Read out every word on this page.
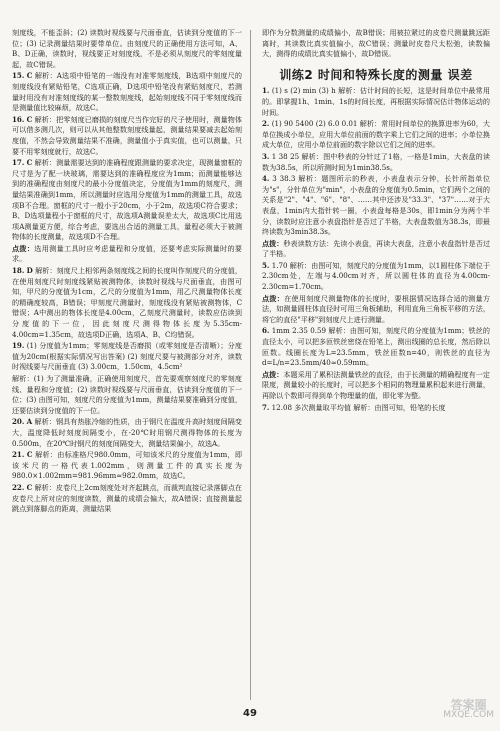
刻度线，不能歪斜；(2) 读数时视线要与尺面垂直，估读到分度值的下一位；(3) 记录测量结果时要带单位。由刻度尺的正确使用方法可知，A、B、D正确，读数时，视线要正对刻度线，不是必须从刻度尺的零刻度量起，故C错误。

15. C 解析：A选项中铅笔的一端没有对准零刻度线，B选项中刻度尺的刻度线没有紧贴铅笔，C选项正确，D选项中铅笔没有紧贴刻度尺，若测量时用没有对准刻度线的某一整数刻度线，起始刻度线不同于零刻度线而是测量值比较麻烦，故选C。

16. C 解析：把零刻度已磨损的刻度尺当作完好的尺子使用时，测量物体可以借多测几次，则可以从其他整数刻度线量起，测量结果要减去起始刻度值，不然会导致测量结果不准确，测量值小于真实值，也可以测量，只要不用零刻度就行，故选C。

17. C 解析：测量需要达到的准确程度跟测量的要求决定，现测量窗框的尺寸是为了配一块玻璃，需要达到的准确程度应为1mm；而测量能够达到的准确程度由刻度尺的最小分度值决定，分度值为1mm的刻度尺，测量结果准确到1mm，所以测量时应选用分度值为1mm的测量工具，故选项B不合理。窗框的尺寸一般小于20cm，小于2m，故选项C符合要求；B、D选项量程小于窗框的尺寸，故选项A测量误差太大，故选项C比用选项A测量更方便，综合考虑，要选出合适的测量工具，量程必须大于被测物体的长度测量，故选项D不合理。

点拨：选用测量工具时应考虑量程和分度值，还要考虑实际测量时的要求。

18. D 解析：刻度尺上相邻两条刻度线之间的长度叫作刻度尺的分度值，在使用刻度尺时刻度线紧贴被测物体，读数时视线与尺面垂直，由图可知，甲尺的分度值为1cm，乙尺的分度值为1mm，用乙尺测量物体长度的精确度较高，B错误；甲刻度尺测量时，刻度线没有紧贴被测物体，C错误；A中测出的物体长度是4.00cm，乙刻度尺测量时，读数应估读到分度值的下一位，因此刻度尺测得物体长度为5.35cm-4.00cm=1.35cm，故选项D正确，选项A、B、C均错误。

19. (1) 分度值为1mm；零刻度线是否磨损（或零刻度是否清晰）；分度值为20cm(根据实际情况写出答案) (2) 刻度尺要与被测部分对齐，读数时视线要与尺面垂直 (3) 3.00cm，1.50cm，4.5cm²

解析：(1) 为了测量准确，正确使用刻度尺，首先要观察刻度尺的零刻度线、量程和分度值；(2) 读数时视线要与尺面垂直，估读到分度值的下一位；(3) 由图可知，刻度尺的分度值为1mm，测量结果要准确到分度值，还要估读到分度值的下一位。

20. A 解析：钢具有热胀冷缩的性质，由于钢尺在温度升高时刻度间隔变大，温度降低时刻度间隔变小，在-20℃时用钢尺测得物体的长度为0.500m，在20℃时钢尺的刻度间隔变大，测量结果偏小，故选A。

21. C 解析：由标准格尺980.0mm，可知该米尺的分度值为1mm，即该米尺的一格代表1.002mm，则测量工件的真实长度为980.0×1.002mm=981.96mm≈982.0mm，故选C。

22. C 解析：皮卷尺上2cm刻度处对齐起跳点，而裁判直接记录落脚点在皮卷尺上所对应的刻度读数，测量的成绩会偏大，故A错误；直接测量起跳点到落脚点的距离，测量结果

即作为分数测量的成绩偏小，故B错误；用被拉紧过的皮卷尺测量跳远距离时，其读数比真实值偏小，故C错误；测量时皮卷尺太松弛，读数偏大，测得的成绩比真实值偏小，故D错误。

训练2 时间和特殊长度的测量 误差

1. (1) s (2) min (3) h 解析：估计时间的长短，这是时间单位中最常用的。即掌握1h、1min、1s的时间长度，再根据实际情况估计物体运动的时间。

2. (1) 90 5400 (2) 6.0 0.01 解析：常用时间单位的换算进率为60，大单位换成小单位，应用大单位前面的数字乘上它们之间的进率；小单位换成大单位，应用小单位前面的数字除以它们之间的进率。

3. 1 38 25 解析：图中秒表的分针过了1格，一格是1min，大表盘的读数为38.5s，所以所测时间为1min38.5s。

4. 3 38.3 解析：题图所示的秒表，小表盘表示分钟，长针所指单位为"s"，分针单位为"min"，小表盘的分度值为0.5min，它们两个之间的关系是"2"、"4"、"6"、"8"、……其中还涉及"33.3"、"37"……对于大表盘，1min内大指针转一圈，小表盘每格是30s，即1min分为两个半分，读数时应注意小表盘指针是否过了半格，大表盘数值为38.3s，即最终读数为3min38.3s。

点拨：秒表读数方法：先读小表盘，再读大表盘，注意小表盘指针是否过了半格。

5. 1.70 解析：由图可知，刻度尺的分度值为1mm，以1圆柱体下端位于2.30cm处，左端与4.00cm对齐，所以圆柱体的直径为4.00cm-2.30cm=1.70cm。

点拨：在使用刻度尺测量物体的长度时，要根据情况选择合适的测量方法，如测量圆柱体直径时可用三角板辅助，利用直角三角板平移的方法，将它的直径"平移"到刻度尺上进行测量。

6. 1mm 2.35 0.59 解析：由图可知，刻度尺的分度值为1mm；铁丝的直径太小，可以把多匝铁丝密绕在铅笔上，测出线圈的总长度，然后除以匝数。线圈长度为L=23.5mm，铁丝匝数n=40，则铁丝的直径为d=L/n=23.5mm/40≈0.59mm。

点拨：本题采用了累积法测量铁丝的直径，由于长测量的精确程度有一定限度，测量较小的长度时，可以把多个相同的物理量累积起来进行测量，再除以个数即可得到单个物理量的值，即化零为整。

7. 12.08 多次测量取平均值 解析：由图可知，铅笔的长度

49
答案圈
MXQE.COM
